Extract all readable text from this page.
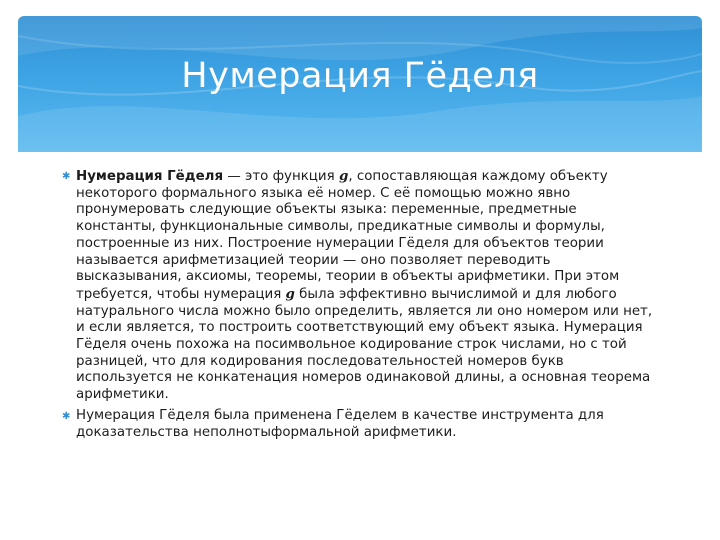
Нумерация Гёделя

✱ Нумерация Гёделя — это функция g, сопоставляющая каждому объекту некоторого формального языка её номер. С её помощью можно явно пронумеровать следующие объекты языка: переменные, предметные константы, функциональные символы, предикатные символы и формулы, построенные из них. Построение нумерации Гёделя для объектов теории называется арифметизацией теории — оно позволяет переводить высказывания, аксиомы, теоремы, теории в объекты арифметики. При этом требуется, чтобы нумерация g была эффективно вычислимой и для любого натурального числа можно было определить, является ли оно номером или нет, и если является, то построить соответствующий ему объект языка. Нумерация Гёделя очень похожа на посимвольное кодирование строк числами, но с той разницей, что для кодирования последовательностей номеров букв используется не конкатенация номеров одинаковой длины, а основная теорема арифметики.

✱ Нумерация Гёделя была применена Гёделем в качестве инструмента для доказательства неполнотыформальной арифметики.
